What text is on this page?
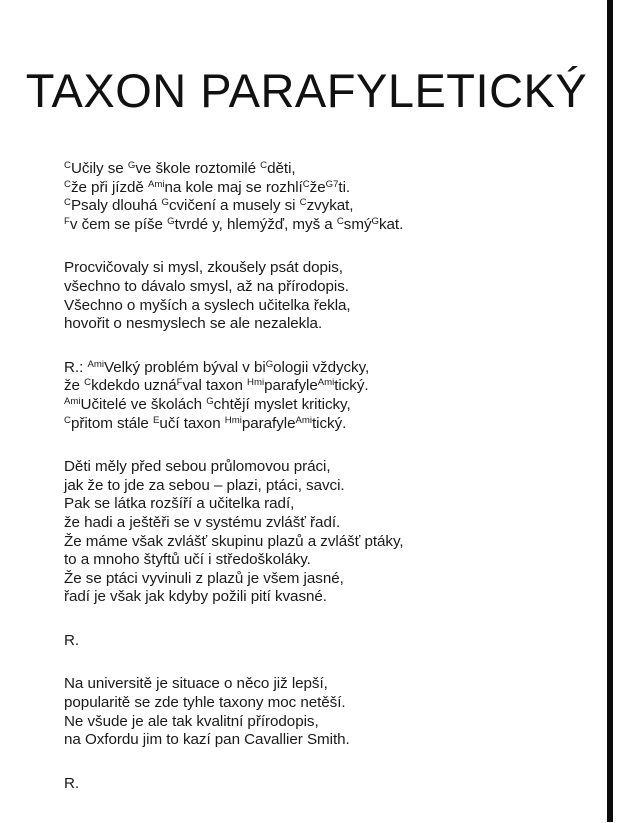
TAXON PARAFYLETICKÝ
$^C$Učily se $^G$ve škole roztomilé $^C$děti,
$^C$že při jízdě $^{Ami}$na kole maj se $rozhlí^Cže^{G7}ti$.
$^C$Psaly dlouhá $^G$cvičení a musely si $^C$zvykat,
$^F$v čem se píše $^G$tvrdé y, hlemýžď, myš a $^C$smý$^G$kat.
Procvičovaly si mysl, zkoušely psát dopis,
všechno to dávalo smysl, až na přírodopis.
Všechno o myších a syslech učitelka řekla,
hovořit o nesmyslech se ale nezalekla.
R.: $^{Ami}$Velký problém býval v $bi^Gologii$ vždycky,
že $^C$kdekdo uzná$^F$val taxon $^{Hmi}$parafyle$^{Ami}$tický.
$^{Ami}$Učitelé ve školách $^G$chtějí myslet kriticky,
$^C$přitom stále $^E$učí taxon $^{Hmi}$parafyle$^{Ami}$tický.
Děti měly před sebou průlomovou práci,
jak že to jde za sebou – plazi, ptáci, savci.
Pak se látka rozšíří a učitelka radí,
že hadi a ještěři se v systému zvlášť řadí.
Že máme však zvlášť skupinu plazů a zvlášť ptáky,
to a mnoho štyftů učí i středoškoláky.
Že se ptáci vyvinuli z plazů je všem jasné,
řadí je však jak kdyby požili pití kvasné.
R.
Na universitě je situace o něco již lepší,
popularitě se zde tyhle taxony moc netěší.
Ne všude je ale tak kvalitní přírodopis,
na Oxfordu jim to kazí pan Cavallier Smith.
R.
